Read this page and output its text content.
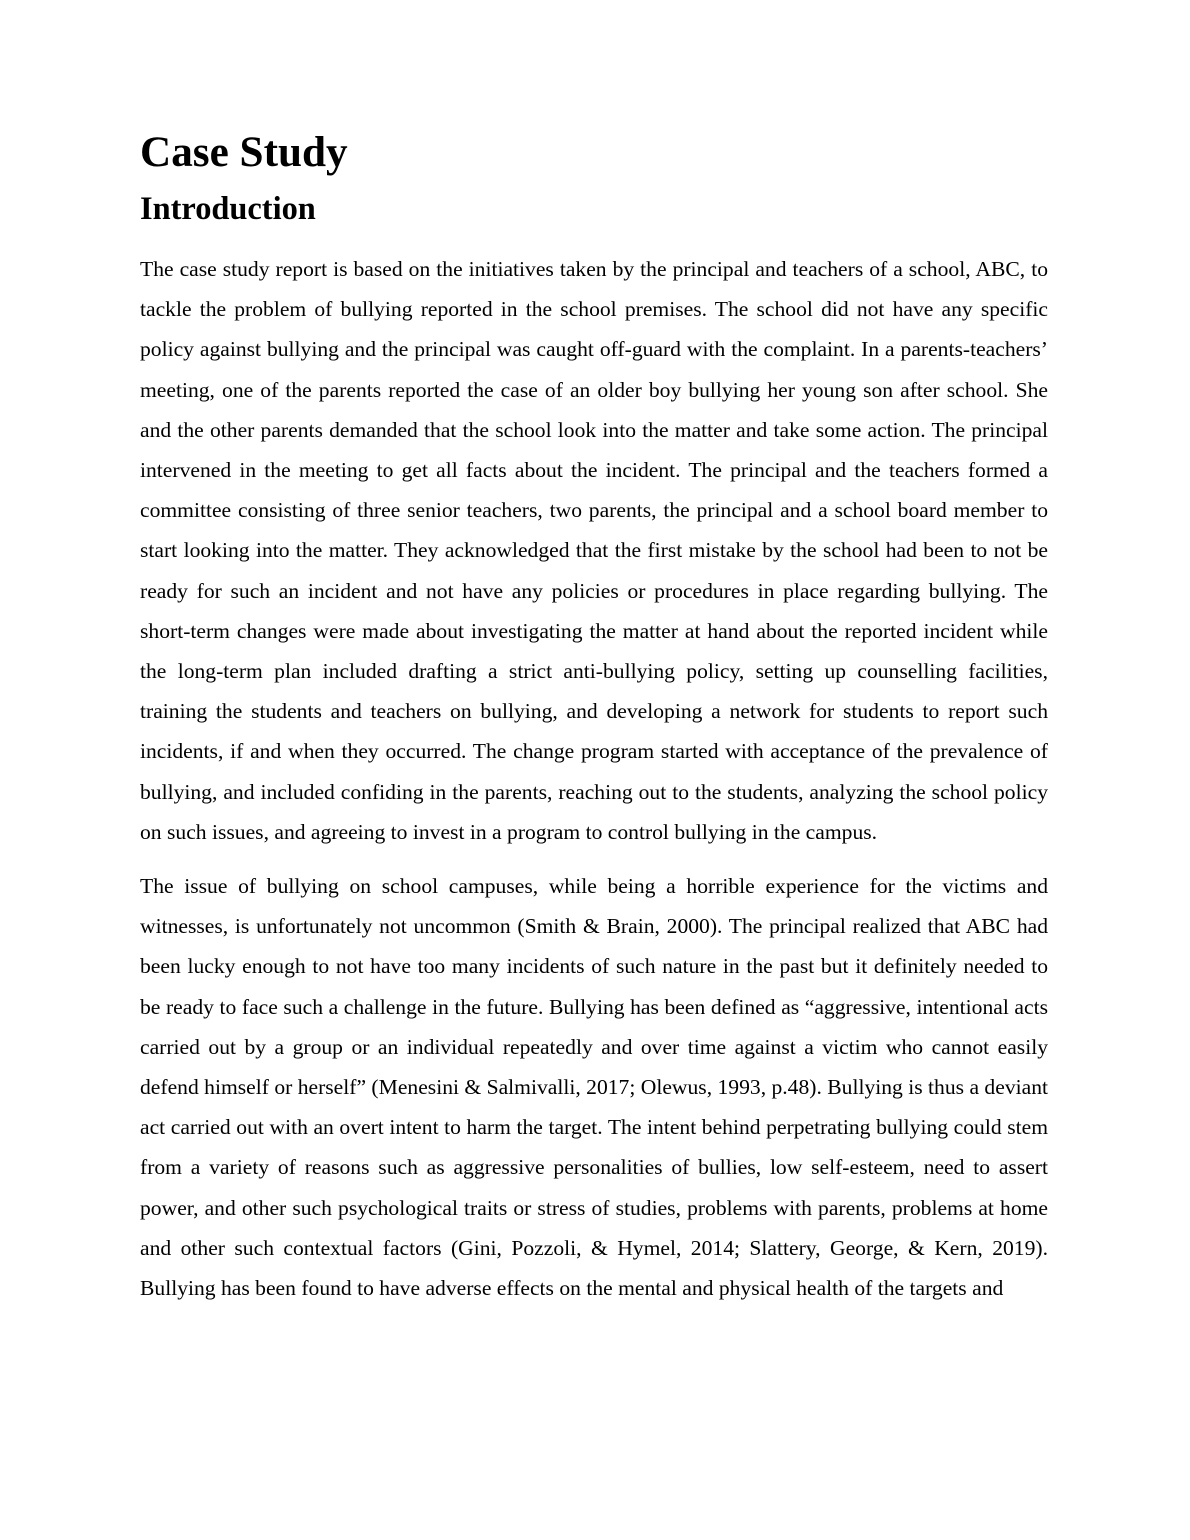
Case Study
Introduction

The case study report is based on the initiatives taken by the principal and teachers of a school, ABC, to tackle the problem of bullying reported in the school premises. The school did not have any specific policy against bullying and the principal was caught off-guard with the complaint. In a parents-teachers’ meeting, one of the parents reported the case of an older boy bullying her young son after school. She and the other parents demanded that the school look into the matter and take some action. The principal intervened in the meeting to get all facts about the incident. The principal and the teachers formed a committee consisting of three senior teachers, two parents, the principal and a school board member to start looking into the matter. They acknowledged that the first mistake by the school had been to not be ready for such an incident and not have any policies or procedures in place regarding bullying. The short-term changes were made about investigating the matter at hand about the reported incident while the long-term plan included drafting a strict anti-bullying policy, setting up counselling facilities, training the students and teachers on bullying, and developing a network for students to report such incidents, if and when they occurred. The change program started with acceptance of the prevalence of bullying, and included confiding in the parents, reaching out to the students, analyzing the school policy on such issues, and agreeing to invest in a program to control bullying in the campus.

The issue of bullying on school campuses, while being a horrible experience for the victims and witnesses, is unfortunately not uncommon (Smith & Brain, 2000). The principal realized that ABC had been lucky enough to not have too many incidents of such nature in the past but it definitely needed to be ready to face such a challenge in the future. Bullying has been defined as “aggressive, intentional acts carried out by a group or an individual repeatedly and over time against a victim who cannot easily defend himself or herself” (Menesini & Salmivalli, 2017; Olewus, 1993, p.48). Bullying is thus a deviant act carried out with an overt intent to harm the target. The intent behind perpetrating bullying could stem from a variety of reasons such as aggressive personalities of bullies, low self-esteem, need to assert power, and other such psychological traits or stress of studies, problems with parents, problems at home and other such contextual factors (Gini, Pozzoli, & Hymel, 2014; Slattery, George, & Kern, 2019). Bullying has been found to have adverse effects on the mental and physical health of the targets and
